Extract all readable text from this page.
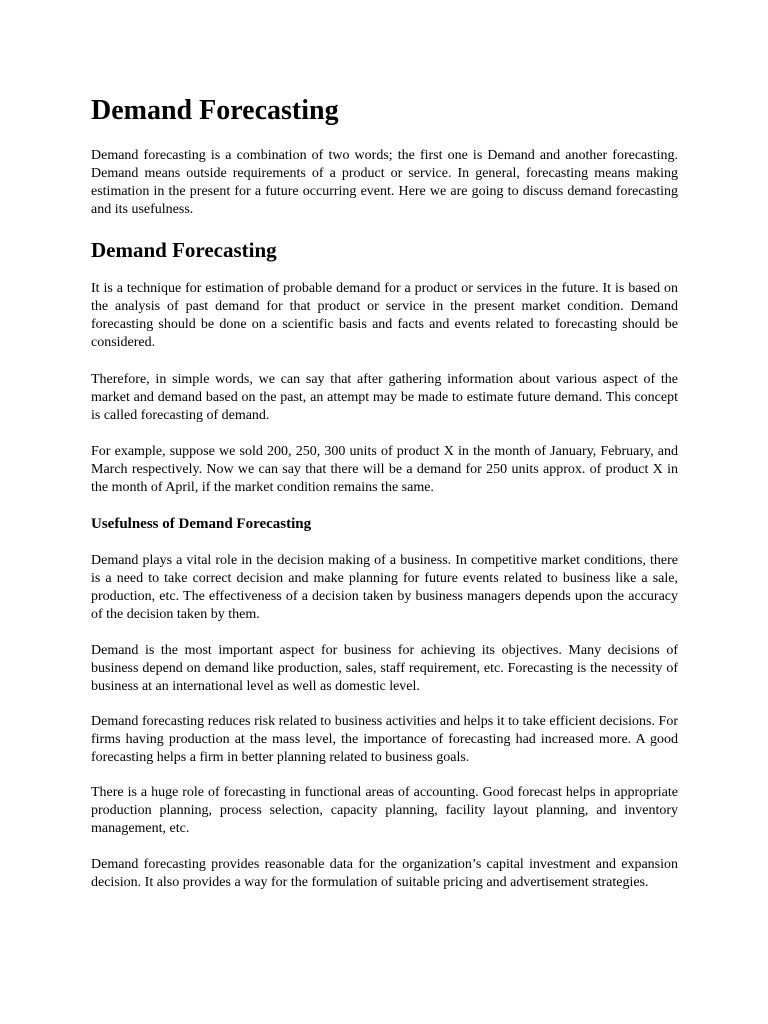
Demand Forecasting

Demand forecasting is a combination of two words; the first one is Demand and another forecasting. Demand means outside requirements of a product or service. In general, forecasting means making estimation in the present for a future occurring event. Here we are going to discuss demand forecasting and its usefulness.

Demand Forecasting

It is a technique for estimation of probable demand for a product or services in the future. It is based on the analysis of past demand for that product or service in the present market condition. Demand forecasting should be done on a scientific basis and facts and events related to forecasting should be considered.

Therefore, in simple words, we can say that after gathering information about various aspect of the market and demand based on the past, an attempt may be made to estimate future demand. This concept is called forecasting of demand.

For example, suppose we sold 200, 250, 300 units of product X in the month of January, February, and March respectively. Now we can say that there will be a demand for 250 units approx. of product X in the month of April, if the market condition remains the same.

Usefulness of Demand Forecasting

Demand plays a vital role in the decision making of a business. In competitive market conditions, there is a need to take correct decision and make planning for future events related to business like a sale, production, etc. The effectiveness of a decision taken by business managers depends upon the accuracy of the decision taken by them.

Demand is the most important aspect for business for achieving its objectives. Many decisions of business depend on demand like production, sales, staff requirement, etc. Forecasting is the necessity of business at an international level as well as domestic level.

Demand forecasting reduces risk related to business activities and helps it to take efficient decisions. For firms having production at the mass level, the importance of forecasting had increased more. A good forecasting helps a firm in better planning related to business goals.

There is a huge role of forecasting in functional areas of accounting. Good forecast helps in appropriate production planning, process selection, capacity planning, facility layout planning, and inventory management, etc.

Demand forecasting provides reasonable data for the organization’s capital investment and expansion decision. It also provides a way for the formulation of suitable pricing and advertisement strategies.
